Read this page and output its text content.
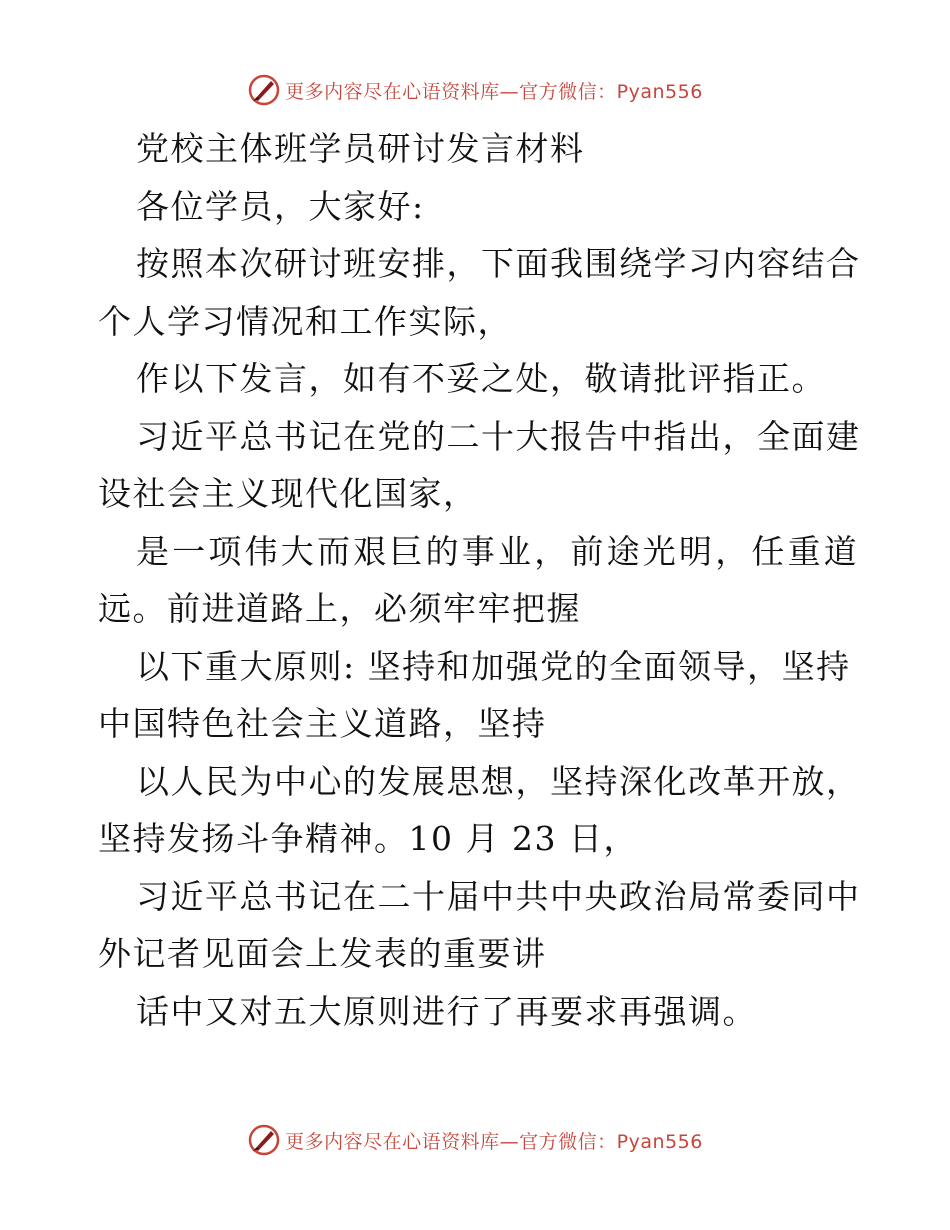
更多内容尽在心语资料库—官方微信：Pyan556
党校主体班学员研讨发言材料
各位学员，大家好:
按照本次研讨班安排，下面我围绕学习内容结合
个人学习情况和工作实际，
作以下发言，如有不妥之处，敬请批评指正。
习近平总书记在党的二十大报告中指出，全面建
设社会主义现代化国家，
是一项伟大而艰巨的事业，前途光明，任重道
远。前进道路上，必须牢牢把握
以下重大原则: 坚持和加强党的全面领导，坚持
中国特色社会主义道路，坚持
以人民为中心的发展思想，坚持深化改革开放，
坚持发扬斗争精神。10 月 23 日，
习近平总书记在二十届中共中央政治局常委同中
外记者见面会上发表的重要讲
话中又对五大原则进行了再要求再强调。
更多内容尽在心语资料库—官方微信：Pyan556
